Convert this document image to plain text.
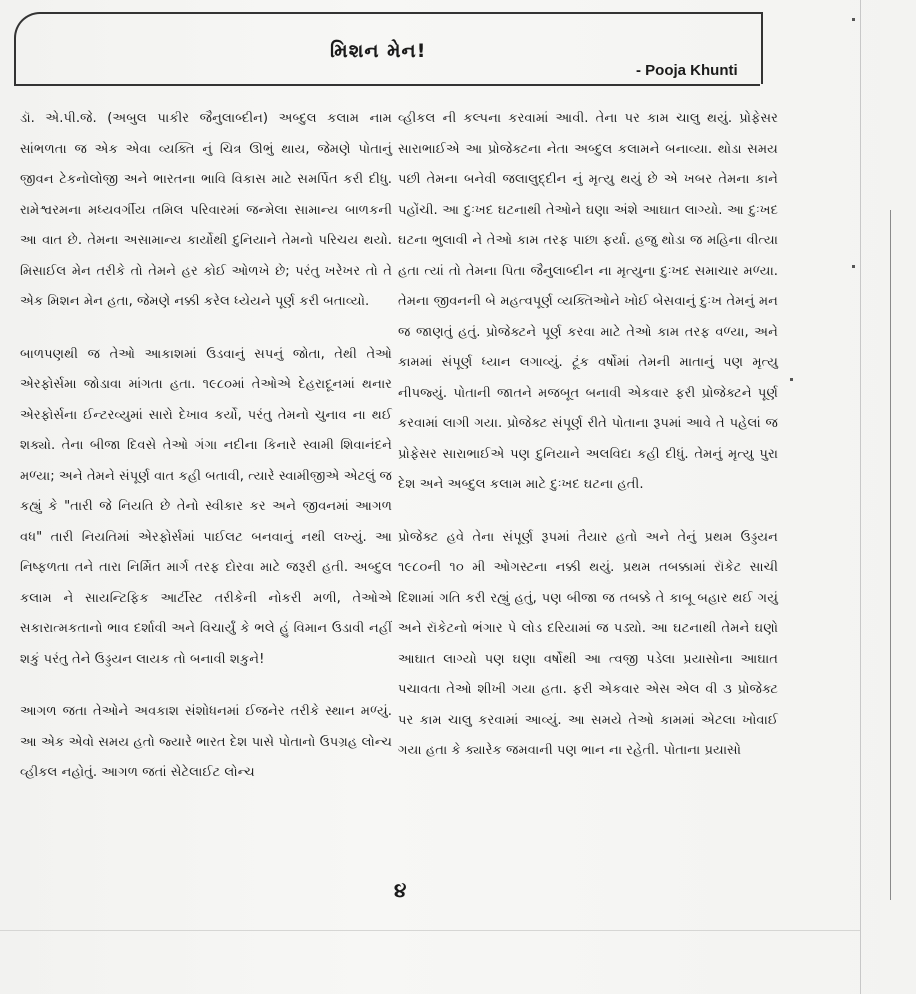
મિશન મેન!
- Pooja Khunti

ડૉ. એ.પી.જે. (અબુલ પાકીર જૈનુલાબ્દીન) અબ્દુલ કલામ નામ સાંભળતા જ એક એવા વ્યક્તિ નું ચિત્ર ઊભું થાય, જેમણે પોતાનું જીવન ટેકનોલોજી અને ભારતના ભાવિ વિકાસ માટે સમર્પિત કરી દીધુ. રામેશ્વરમના મધ્યવર્ગીય તમિલ પરિવારમાં જન્મેલા સામાન્ય બાળકની આ વાત છે. તેમના અસામાન્ય કાર્યોથી દુનિયાને તેમનો પરિચય થયો. મિસાઈલ મેન તરીકે તો તેમને હર કોઈ ઓળખે છે; પરંતુ ખરેખર તો તે એક મિશન મેન હતા, જેમણે નક્કી કરેલ ધ્યેયને પૂર્ણ કરી બતાવ્યો.

બાળપણથી જ તેઓ આકાશમાં ઉડવાનું સપનું જોતા, તેથી તેઓ એરફોર્સમા જોડાવા માંગતા હતા. ૧૯૮૦માં તેઓએ દેહરાદૂનમાં થનાર એરફોર્સના ઈન્ટરવ્યુમાં સારો દેખાવ કર્યો, પરંતુ તેમનો ચુનાવ ના થઈ શક્યો. તેના બીજા દિવસે તેઓ ગંગા નદીના કિનારે સ્વામી શિવાનંદને મળ્યા; અને તેમને સંપૂર્ણ વાત કહી બતાવી, ત્યારે સ્વામીજીએ એટલું જ કહ્યું કે "તારી જે નિયતિ છે તેનો સ્વીકાર કર અને જીવનમાં આગળ વધ" તારી નિયતિમાં એરફોર્સમાં પાઈલટ બનવાનું નથી લખ્યું. આ નિષ્ફળતા તને તારા નિર્મિત માર્ગ તરફ દોરવા માટે જરૂરી હતી. અબ્દુલ કલામ ને સાયન્ટિફિક આર્ટીસ્ટ તરીકેની નોકરી મળી, તેઓએ સકારાત્મકતાનો ભાવ દર્શાવી અને વિચાર્યું કે ભલે હું વિમાન ઉડાવી નહીં શકું પરંતુ તેને ઉડ્ડયન લાયક તો બનાવી શકુને!

આગળ જતા તેઓને અવકાશ સંશોધનમાં ઈજનેર તરીકે સ્થાન મળ્યું. આ એક એવો સમય હતો જ્યારે ભારત દેશ પાસે પોતાનો ઉપગ્રહ લોન્ચ વ્હીકલ નહોતું. આગળ જતાં સેટેલાઈટ લોન્ચ

વ્હીકલ ની કલ્પના કરવામાં આવી. તેના પર કામ ચાલુ થયું. પ્રોફેસર સારાભાઈએ આ પ્રોજેક્ટના નેતા અબ્દુલ કલામને બનાવ્યા. થોડા સમય પછી તેમના બનેવી જલાલુદ્દીન નું મૃત્યુ થયું છે એ ખબર તેમના કાને પહોંચી. આ દુઃખદ ઘટનાથી તેઓને ઘણા અંશે આઘાત લાગ્યો. આ દુઃખદ ઘટના ભુલાવી ને તેઓ કામ તરફ પાછા ફર્યા. હજુ થોડા જ મહિના વીત્યા હતા ત્યાં તો તેમના પિતા જૈનુલાબ્દીન ના મૃત્યુના દુઃખદ સમાચાર મળ્યા. તેમના જીવનની બે મહત્વપૂર્ણ વ્યક્તિઓને ખોઈ બેસવાનું દુઃખ તેમનું મન જ જાણતું હતું. પ્રોજેક્ટને પૂર્ણ કરવા માટે તેઓ કામ તરફ વળ્યા, અને કામમાં સંપૂર્ણ ધ્યાન લગાવ્યું. ટૂંક વર્ષોમાં તેમની માતાનું પણ મૃત્યુ નીપજ્યું. પોતાની જાતને મજબૂત બનાવી એકવાર ફરી પ્રોજેક્ટને પૂર્ણ કરવામાં લાગી ગયા. પ્રોજેક્ટ સંપૂર્ણ રીતે પોતાના રૂપમાં આવે તે પહેલાં જ પ્રોફેસર સારાભાઈએ પણ દુનિયાને અલવિદા કહી દીધું. તેમનું મૃત્યુ પુરા દેશ અને અબ્દુલ કલામ માટે દુઃખદ ઘટના હતી.

પ્રોજેક્ટ હવે તેના સંપૂર્ણ રૂપમાં તૈયાર હતો અને તેનું પ્રથમ ઉડ્ડયન ૧૯૮૦ની ૧૦ મી ઓગસ્ટના નક્કી થયું. પ્રથમ તબક્કામાં રૉકેટ સાચી દિશામાં ગતિ કરી રહ્યું હતું, પણ બીજા જ તબક્કે તે કાબૂ બહાર થઈ ગયું અને રૉકેટનો ભંગાર પે લોડ દરિયામાં જ પડ્યો. આ ઘટનાથી તેમને ઘણો આઘાત લાગ્યો પણ ઘણા વર્ષોથી આ ત્વજી પડેલા પ્રયાસોના આઘાત પચાવતા તેઓ શીખી ગયા હતા. ફરી એકવાર એસ એલ વી ૩ પ્રોજેક્ટ પર કામ ચાલુ કરવામાં આવ્યું. આ સમયે તેઓ કામમાં એટલા ખોવાઈ ગયા હતા કે ક્યારેક જમવાની પણ ભાન ના રહેતી. પોતાના પ્રયાસો

૪
